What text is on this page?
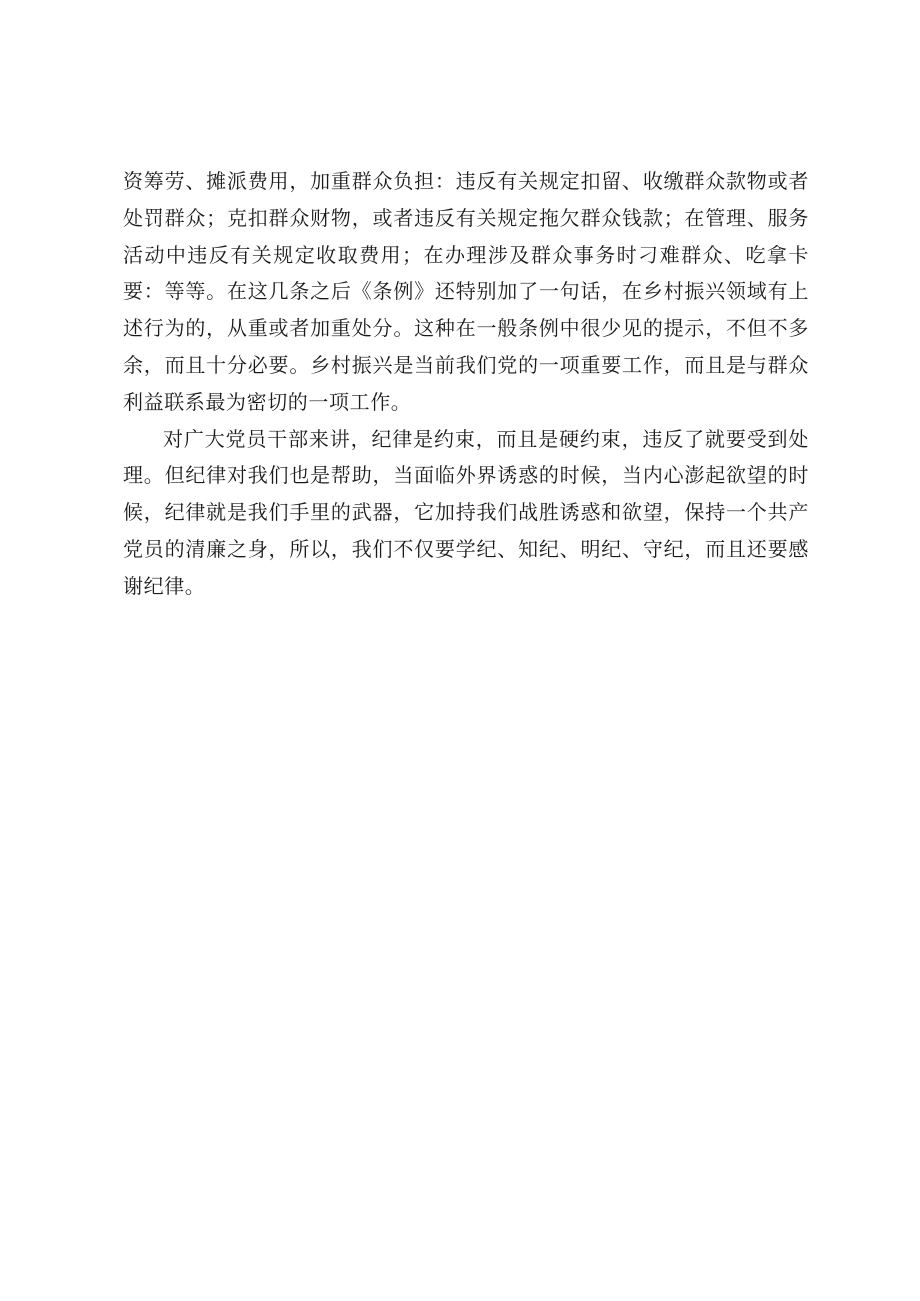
资筹劳、摊派费用，加重群众负担：违反有关规定扣留、收缴群众款物或者处罚群众；克扣群众财物，或者违反有关规定拖欠群众钱款；在管理、服务活动中违反有关规定收取费用；在办理涉及群众事务时刁难群众、吃拿卡要：等等。在这几条之后《条例》还特别加了一句话，在乡村振兴领域有上述行为的，从重或者加重处分。这种在一般条例中很少见的提示，不但不多余，而且十分必要。乡村振兴是当前我们党的一项重要工作，而且是与群众利益联系最为密切的一项工作。

对广大党员干部来讲，纪律是约束，而且是硬约束，违反了就要受到处理。但纪律对我们也是帮助，当面临外界诱惑的时候，当内心澎起欲望的时候，纪律就是我们手里的武器，它加持我们战胜诱惑和欲望，保持一个共产党员的清廉之身，所以，我们不仅要学纪、知纪、明纪、守纪，而且还要感谢纪律。
